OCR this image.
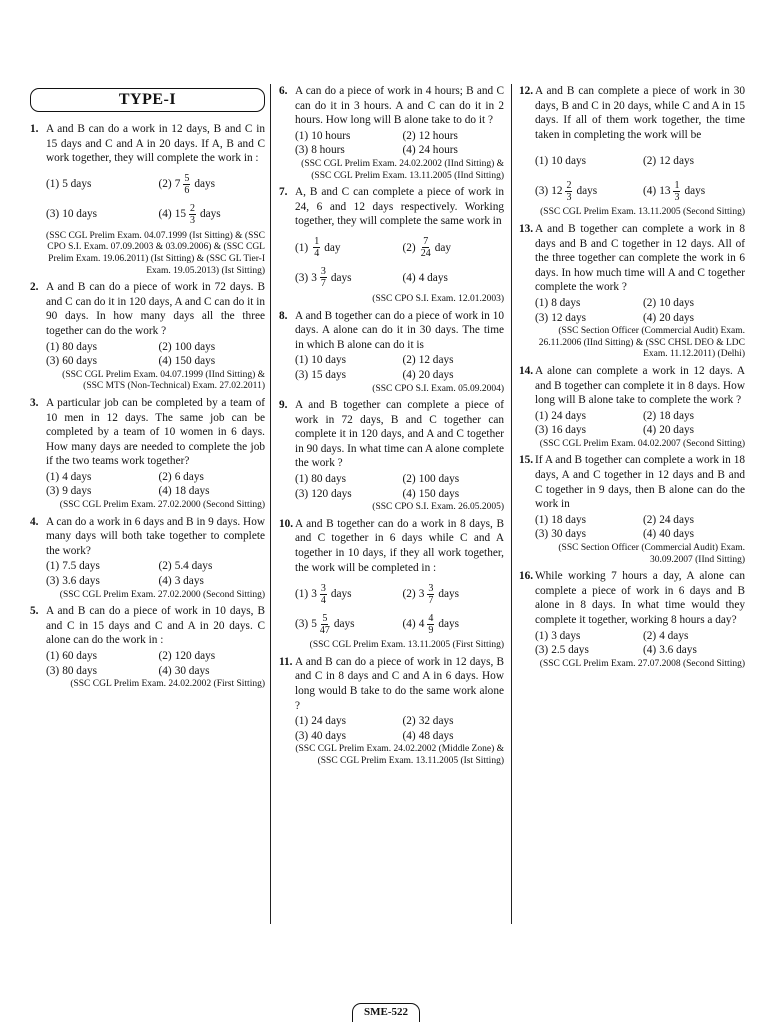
TYPE-I
1. A and B can do a work in 12 days, B and C in 15 days and C and A in 20 days. If A, B and C work together, they will complete the work in :
(1) 5 days	(2) $7 \frac{5}{6}$ days
(3) 10 days	(4) $15 \frac{2}{3}$ days
(SSC CGL Prelim Exam. 04.07.1999 (Ist Sitting) & (SSC CPO S.I. Exam. 07.09.2003 & 03.09.2006) & (SSC CGL Prelim Exam. 19.06.2011) (Ist Sitting) & (SSC GL Tier-I Exam. 19.05.2013) (Ist Sitting)
2. A and B can do a piece of work in 72 days. B and C can do it in 120 days, A and C can do it in 90 days. In how many days all the three together can do the work ?
(1) 80 days	(2) 100 days
(3) 60 days	(4) 150 days
(SSC CGL Prelim Exam. 04.07.1999 (IInd Sitting) & (SSC MTS (Non-Technical) Exam. 27.02.2011)
3. A particular job can be completed by a team of 10 men in 12 days. The same job can be completed by a team of 10 women in 6 days. How many days are needed to complete the job if the two teams work together?
(1) 4 days	(2) 6 days
(3) 9 days	(4) 18 days
(SSC CGL Prelim Exam. 27.02.2000 (Second Sitting)
4. A can do a work in 6 days and B in 9 days. How many days will both take together to complete the work?
(1) 7.5 days	(2) 5.4 days
(3) 3.6 days	(4) 3 days
(SSC CGL Prelim Exam. 27.02.2000 (Second Sitting)
5. A and B can do a piece of work in 10 days, B and C in 15 days and C and A in 20 days. C alone can do the work in :
(1) 60 days	(2) 120 days
(3) 80 days	(4) 30 days
(SSC CGL Prelim Exam. 24.02.2002 (First Sitting)
6. A can do a piece of work in 4 hours; B and C can do it in 3 hours. A and C can do it in 2 hours. How long will B alone take to do it ?
(1) 10 hours	(2) 12 hours
(3) 8 hours	(4) 24 hours
(SSC CGL Prelim Exam. 24.02.2002 (IInd Sitting) & (SSC CGL Prelim Exam. 13.11.2005 (IInd Sitting)
7. A, B and C can complete a piece of work in 24, 6 and 12 days respectively. Working together, they will complete the same work in
$(1) \frac{1}{4}$ day	$(2) \frac{7}{24}$ day
(3) $3 \frac{3}{7}$ days	(4) 4 days
(SSC CPO S.I. Exam. 12.01.2003)
8. A and B together can do a piece of work in 10 days. A alone can do it in 30 days. The time in which B alone can do it is
(1) 10 days	(2) 12 days
(3) 15 days	(4) 20 days
(SSC CPO S.I. Exam. 05.09.2004)
9. A and B together can complete a piece of work in 72 days, B and C together can complete it in 120 days, and A and C together in 90 days. In what time can A alone complete the work ?
(1) 80 days	(2) 100 days
(3) 120 days	(4) 150 days
(SSC CPO S.I. Exam. 26.05.2005)
10. A and B together can do a work in 8 days, B and C together in 6 days while C and A together in 10 days, if they all work together, the work will be completed in :
(1) $3 \frac{3}{4}$ days	(2) $3 \frac{3}{7}$ days
(3) $5 \frac{5}{47}$ days	(4) $4 \frac{4}{9}$ days
(SSC CGL Prelim Exam. 13.11.2005 (First Sitting)
11. A and B can do a piece of work in 12 days, B and C in 8 days and C and A in 6 days. How long would B take to do the same work alone ?
(1) 24 days	(2) 32 days
(3) 40 days	(4) 48 days
(SSC CGL Prelim Exam. 24.02.2002 (Middle Zone) & (SSC CGL Prelim Exam. 13.11.2005 (Ist Sitting)
12. A and B can complete a piece of work in 30 days, B and C in 20 days, while C and A in 15 days. If all of them work together, the time taken in completing the work will be
(1) 10 days	(2) 12 days
(3) $12 \frac{2}{3}$ days	(4) $13 \frac{1}{3}$ days
(SSC CGL Prelim Exam. 13.11.2005 (Second Sitting)
13. A and B together can complete a work in 8 days and B and C together in 12 days. All of the three together can complete the work in 6 days. In how much time will A and C together complete the work ?
(1) 8 days	(2) 10 days
(3) 12 days	(4) 20 days
(SSC Section Officer (Commercial Audit) Exam. 26.11.2006 (IInd Sitting) & (SSC CHSL DEO & LDC Exam. 11.12.2011) (Delhi)
14. A alone can complete a work in 12 days. A and B together can complete it in 8 days. How long will B alone take to complete the work ?
(1) 24 days	(2) 18 days
(3) 16 days	(4) 20 days
(SSC CGL Prelim Exam. 04.02.2007 (Second Sitting)
15. If A and B together can complete a work in 18 days, A and C together in 12 days and B and C together in 9 days, then B alone can do the work in
(1) 18 days	(2) 24 days
(3) 30 days	(4) 40 days
(SSC Section Officer (Commercial Audit) Exam. 30.09.2007 (IInd Sitting)
16. While working 7 hours a day, A alone can complete a piece of work in 6 days and B alone in 8 days. In what time would they complete it together, working 8 hours a day?
(1) 3 days	(2) 4 days
(3) 2.5 days	(4) 3.6 days
(SSC CGL Prelim Exam. 27.07.2008 (Second Sitting)
SME-522
